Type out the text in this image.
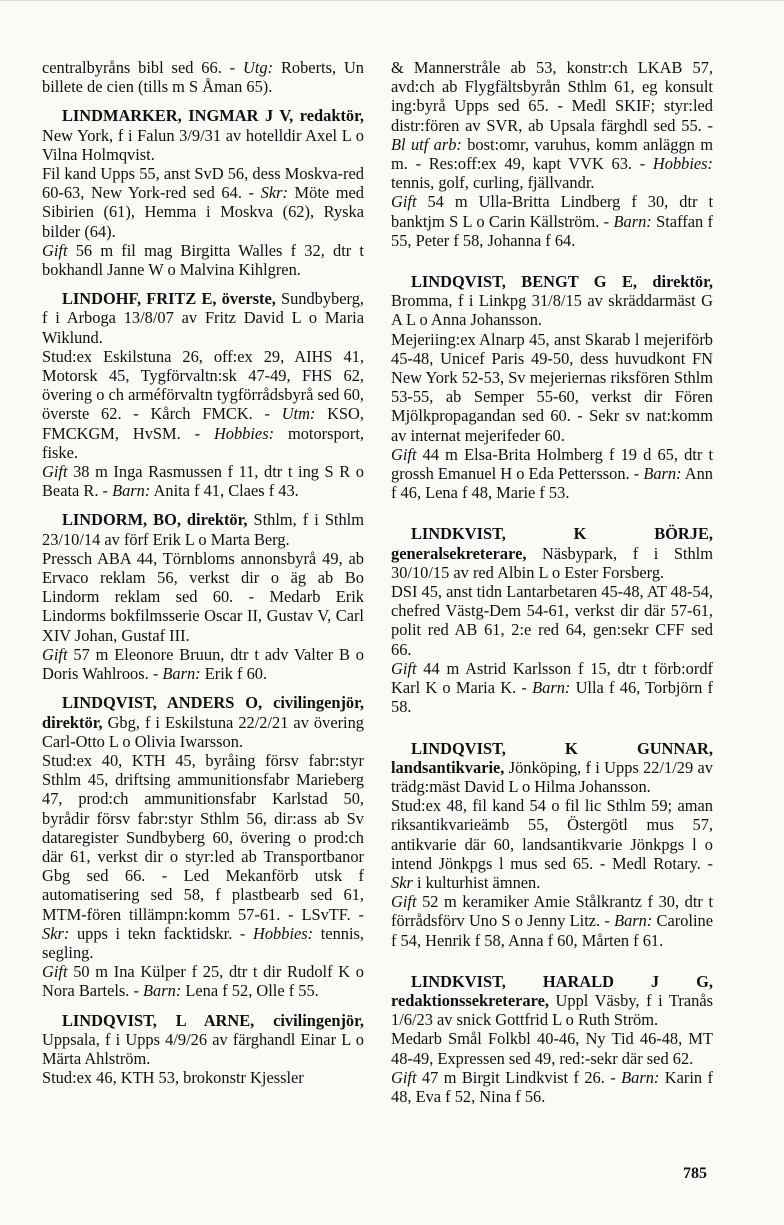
centralbyråns bibl sed 66. - Utg: Roberts, Un billete de cien (tills m S Åman 65).
LINDMARKER, INGMAR J V, redaktör, New York, f i Falun 3/9/31 av hotelldir Axel L o Vilna Holmqvist.
Fil kand Upps 55, anst SvD 56, dess Moskva-red 60-63, New York-red sed 64. - Skr: Möte med Sibirien (61), Hemma i Moskva (62), Ryska bilder (64).
Gift 56 m fil mag Birgitta Walles f 32, dtr t bokhandl Janne W o Malvina Kihlgren.
LINDOHF, FRITZ E, överste, Sundbyberg, f i Arboga 13/8/07 av Fritz David L o Maria Wiklund.
Stud:ex Eskilstuna 26, off:ex 29, AIHS 41, Motorsk 45, Tygförvaltn:sk 47-49, FHS 62, övering o ch arméförvaltn tygförrådsbyrå sed 60, överste 62. - Kårch FMCK. - Utm: KSO, FMCKGM, HvSM. - Hobbies: motorsport, fiske.
Gift 38 m Inga Rasmussen f 11, dtr t ing S R o Beata R. - Barn: Anita f 41, Claes f 43.
LINDORM, BO, direktör, Sthlm, f i Sthlm 23/10/14 av förf Erik L o Marta Berg.
Pressch ABA 44, Törnbloms annonsbyrå 49, ab Ervaco reklam 56, verkst dir o äg ab Bo Lindorm reklam sed 60. - Medarb Erik Lindorms bokfilmsserie Oscar II, Gustav V, Carl XIV Johan, Gustaf III.
Gift 57 m Eleonore Bruun, dtr t adv Valter B o Doris Wahlroos. - Barn: Erik f 60.
LINDQVIST, ANDERS O, civilingenjör, direktör, Gbg, f i Eskilstuna 22/2/21 av övering Carl-Otto L o Olivia Iwarsson.
Stud:ex 40, KTH 45, byråing försv fabr:styr Sthlm 45, driftsing ammunitionsfabr Marieberg 47, prod:ch ammunitionsfabr Karlstad 50, byrådir försv fabr:styr Sthlm 56, dir:ass ab Sv dataregister Sundbyberg 60, övering o prod:ch där 61, verkst dir o styr:led ab Transportbanor Gbg sed 66. - Led Mekanförb utsk f automatisering sed 58, f plastbearb sed 61, MTM-fören tillämpn:komm 57-61. - LSvTF. - Skr: upps i tekn facktidskr. - Hobbies: tennis, segling.
Gift 50 m Ina Külper f 25, dtr t dir Rudolf K o Nora Bartels. - Barn: Lena f 52, Olle f 55.
LINDQVIST, L ARNE, civilingenjör, Uppsala, f i Upps 4/9/26 av färghandl Einar L o Märta Ahlström.
Stud:ex 46, KTH 53, brokonstr Kjessler
& Mannerstråle ab 53, konstr:ch LKAB 57, avd:ch ab Flygfältsbyrån Sthlm 61, eg konsult ing:byrå Upps sed 65. - Medl SKIF; styr:led distr:fören av SVR, ab Upsala färghdl sed 55. - Bl utf arb: bost:omr, varuhus, komm anläggn m m. - Res:off:ex 49, kapt VVK 63. - Hobbies: tennis, golf, curling, fjällvandr.
Gift 54 m Ulla-Britta Lindberg f 30, dtr t banktjm S L o Carin Källström. - Barn: Staffan f 55, Peter f 58, Johanna f 64.
LINDQVIST, BENGT G E, direktör, Bromma, f i Linkpg 31/8/15 av skräddarmäst G A L o Anna Johansson.
Mejeriing:ex Alnarp 45, anst Skarab l mejeriförb 45-48, Unicef Paris 49-50, dess huvudkont FN New York 52-53, Sv mejeriernas riksfören Sthlm 53-55, ab Semper 55-60, verkst dir Fören Mjölkpropagandan sed 60. - Sekr sv nat:komm av internat mejerifeder 60.
Gift 44 m Elsa-Brita Holmberg f 19 d 65, dtr t grossh Emanuel H o Eda Pettersson. - Barn: Ann f 46, Lena f 48, Marie f 53.
LINDKVIST, K BÖRJE, generalsekreterare, Näsbypark, f i Sthlm 30/10/15 av red Albin L o Ester Forsberg.
DSI 45, anst tidn Lantarbetaren 45-48, AT 48-54, chefred Västg-Dem 54-61, verkst dir där 57-61, polit red AB 61, 2:e red 64, gen:sekr CFF sed 66.
Gift 44 m Astrid Karlsson f 15, dtr t förb:ordf Karl K o Maria K. - Barn: Ulla f 46, Torbjörn f 58.
LINDQVIST, K GUNNAR, landsantikvarie, Jönköping, f i Upps 22/1/29 av trädg:mäst David L o Hilma Johansson.
Stud:ex 48, fil kand 54 o fil lic Sthlm 59; aman riksantikvarieämb 55, Östergötl mus 57, antikvarie där 60, landsantikvarie Jönkpgs l o intend Jönkpgs l mus sed 65. - Medl Rotary. - Skr i kulturhist ämnen.
Gift 52 m keramiker Amie Stålkrantz f 30, dtr t förrådsförv Uno S o Jenny Litz. - Barn: Caroline f 54, Henrik f 58, Anna f 60, Mårten f 61.
LINDKVIST, HARALD J G, redaktionssekreterare, Uppl Väsby, f i Tranås 1/6/23 av snick Gottfrid L o Ruth Ström.
Medarb Smål Folkbl 40-46, Ny Tid 46-48, MT 48-49, Expressen sed 49, red:-sekr där sed 62.
Gift 47 m Birgit Lindkvist f 26. - Barn: Karin f 48, Eva f 52, Nina f 56.
785
